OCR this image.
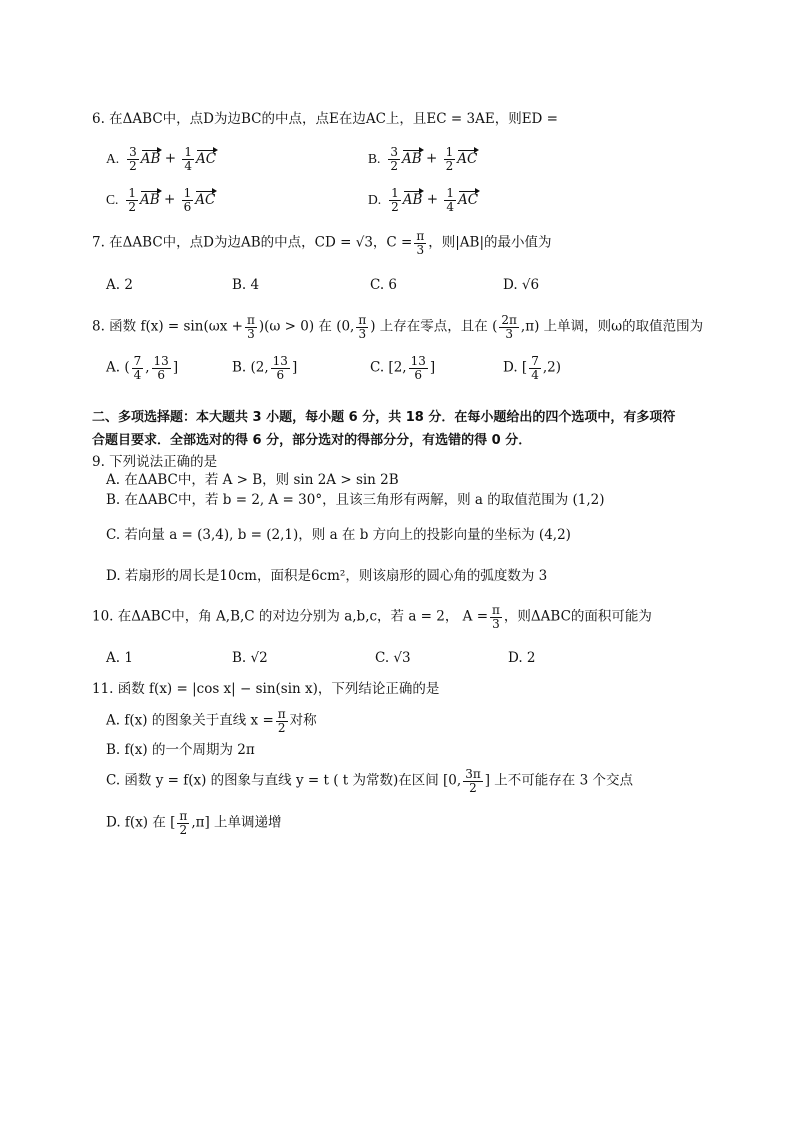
6. 在ΔABC中，点D为边BC的中点，点E在边AC上，且EC = 3AE，则ED =
A. $\frac{3}{2}$ AB + $\frac{1}{4}$ AC	B. $\frac{3}{2}$ AB + $\frac{1}{2}$ AC
C. $\frac{1}{2}$ AB + $\frac{1}{6}$ AC	D. $\frac{1}{2}$ AB + $\frac{1}{4}$ AC
7. 在ΔABC中，点D为边AB的中点，CD = √3，$C = \frac{\pi}{3}$ ，则|AB|的最小值为
A. 2	B. 4	C. 6	D. √6
8. 函数 $f(x) = \sin(\omega x + \frac{\pi}{3} )(\omega > 0)$ 在 (0, $\frac{\pi}{3}$ ) 上存在零点，且在 ( $\frac{2\pi}{3} ,\pi$) 上单调，则ω的取值范围为
A. ( $\frac{7}{4}$ , $\frac{13}{6}$ ]	B. (2, $\frac{13}{6}$ ]	C. [2, $\frac{13}{6}$ ]	D. [ $\frac{7}{4} ,2$)
二、多项选择题：本大题共 3 小题，每小题 6 分，共 18 分．在每小题给出的四个选项中，有多项符
合题目要求．全部选对的得 6 分，部分选对的得部分分，有选错的得 0 分．
9. 下列说法正确的是
A. 在ΔABC中，若 A > B，则 sin 2A > sin 2B
B. 在ΔABC中，若 b = 2, A = 30°，且该三角形有两解，则 a 的取值范围为 (1,2)
C. 若向量 a = (3,4), b = (2,1)，则 a 在 b 方向上的投影向量的坐标为 (4,2)
D. 若扇形的周长是10cm，面积是6cm²，则该扇形的圆心角的弧度数为 3
10. 在ΔABC中，角 A,B,C 的对边分别为 a,b,c，若 a = 2， $A = \frac{\pi}{3}$ ，则ΔABC的面积可能为
A. 1	B. √2	C. √3	D. 2
11. 函数 f(x) = |cos x| − sin(sin x)，下列结论正确的是
A. f(x) 的图象关于直线 $x = \frac{\pi}{2}$ 对称
B. f(x) 的一个周期为 2π
C. 函数 y = f(x) 的图象与直线 y = t ( t 为常数)在区间 [0, $\frac{3\pi}{2}$ ] 上不可能存在 3 个交点
D. f(x) 在 [ $\frac{\pi}{2} ,\pi$] 上单调递增
